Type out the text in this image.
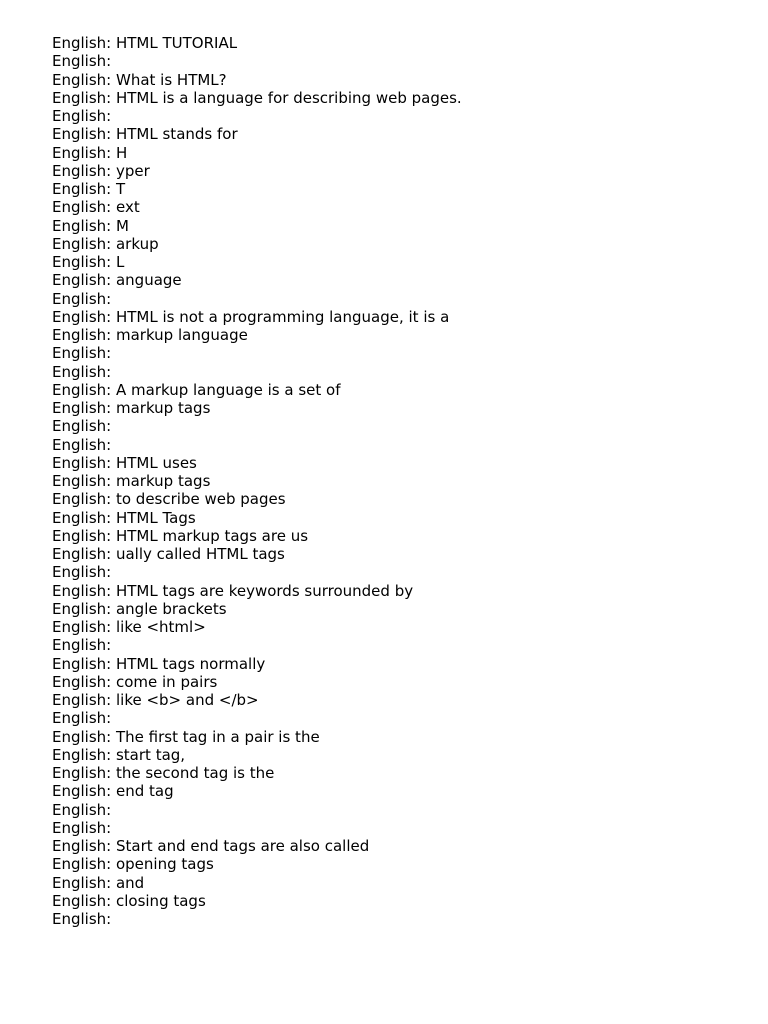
English: HTML TUTORIAL
English:
English: What is HTML?
English: HTML is a language for describing web pages.
English:
English: HTML stands for
English: H
English: yper
English: T
English: ext
English: M
English: arkup
English: L
English: anguage
English:
English: HTML is not a programming language, it is a
English: markup language
English:
English:
English: A markup language is a set of
English: markup tags
English:
English:
English: HTML uses
English: markup tags
English: to describe web pages
English: HTML Tags
English: HTML markup tags are us
English: ually called HTML tags
English:
English: HTML tags are keywords surrounded by
English: angle brackets
English: like <html>
English:
English: HTML tags normally
English: come in pairs
English: like <b> and </b>
English:
English: The first tag in a pair is the
English: start tag,
English: the second tag is the
English: end tag
English:
English:
English: Start and end tags are also called
English: opening tags
English: and
English: closing tags
English:
